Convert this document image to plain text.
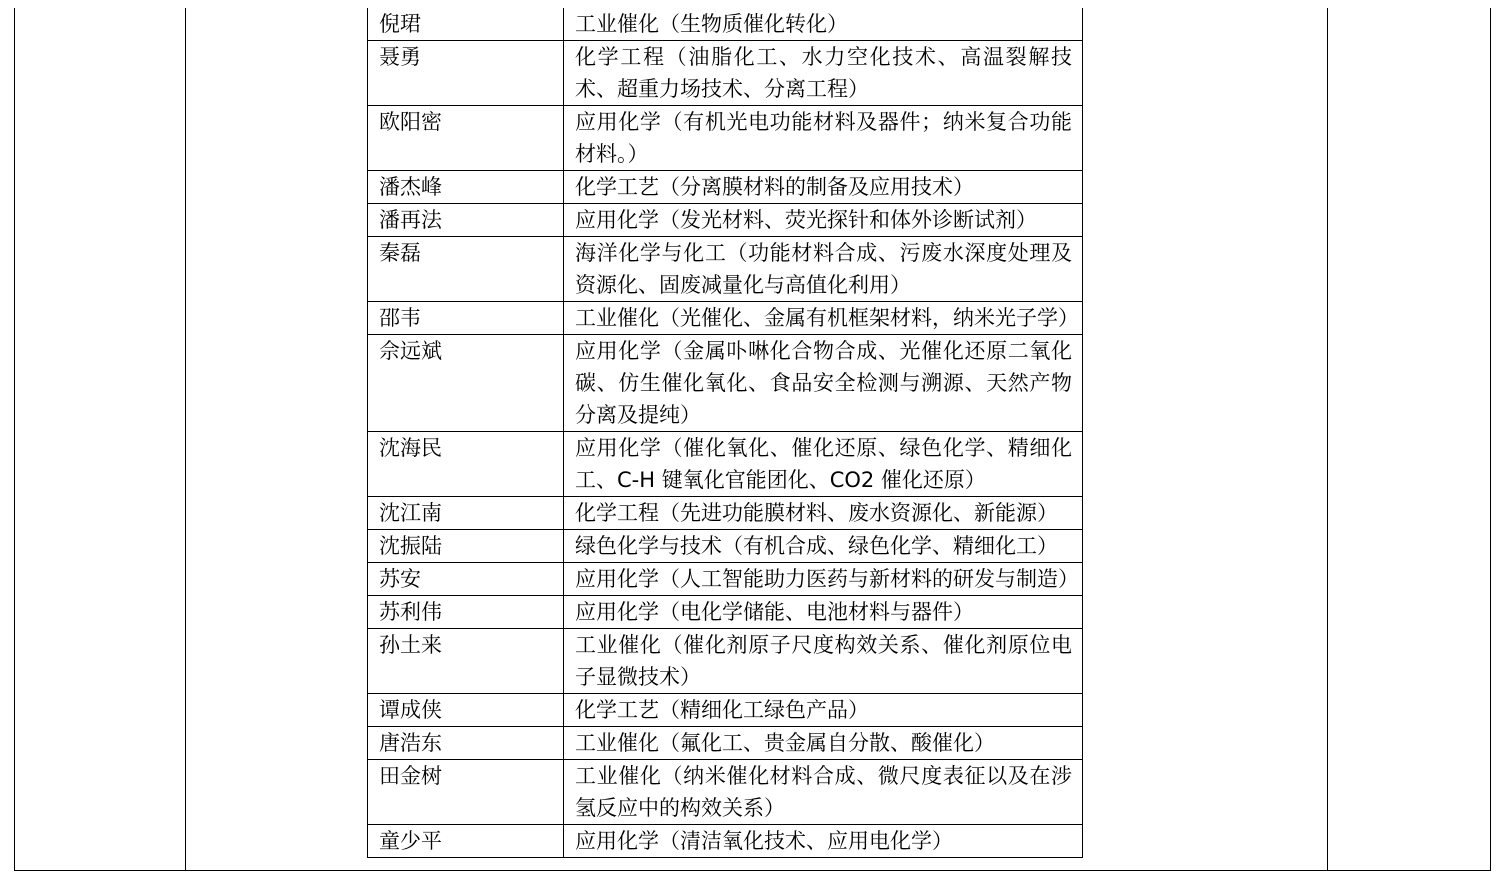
倪珺	工业催化（生物质催化转化）
聂勇	化学工程（油脂化工、水力空化技术、高温裂解技术、超重力场技术、分离工程）
欧阳密	应用化学（有机光电功能材料及器件；纳米复合功能材料。）
潘杰峰	化学工艺（分离膜材料的制备及应用技术）
潘再法	应用化学（发光材料、荧光探针和体外诊断试剂）
秦磊	海洋化学与化工（功能材料合成、污废水深度处理及资源化、固废减量化与高值化利用）
邵韦	工业催化（光催化、金属有机框架材料，纳米光子学）
佘远斌	应用化学（金属卟啉化合物合成、光催化还原二氧化碳、仿生催化氧化、食品安全检测与溯源、天然产物分离及提纯）
沈海民	应用化学（催化氧化、催化还原、绿色化学、精细化工、C-H 键氧化官能团化、CO2 催化还原）
沈江南	化学工程（先进功能膜材料、废水资源化、新能源）
沈振陆	绿色化学与技术（有机合成、绿色化学、精细化工）
苏安	应用化学（人工智能助力医药与新材料的研发与制造）
苏利伟	应用化学（电化学储能、电池材料与器件）
孙土来	工业催化（催化剂原子尺度构效关系、催化剂原位电子显微技术）
谭成侠	化学工艺（精细化工绿色产品）
唐浩东	工业催化（氟化工、贵金属自分散、酸催化）
田金树	工业催化（纳米催化材料合成、微尺度表征以及在涉氢反应中的构效关系）
童少平	应用化学（清洁氧化技术、应用电化学）
